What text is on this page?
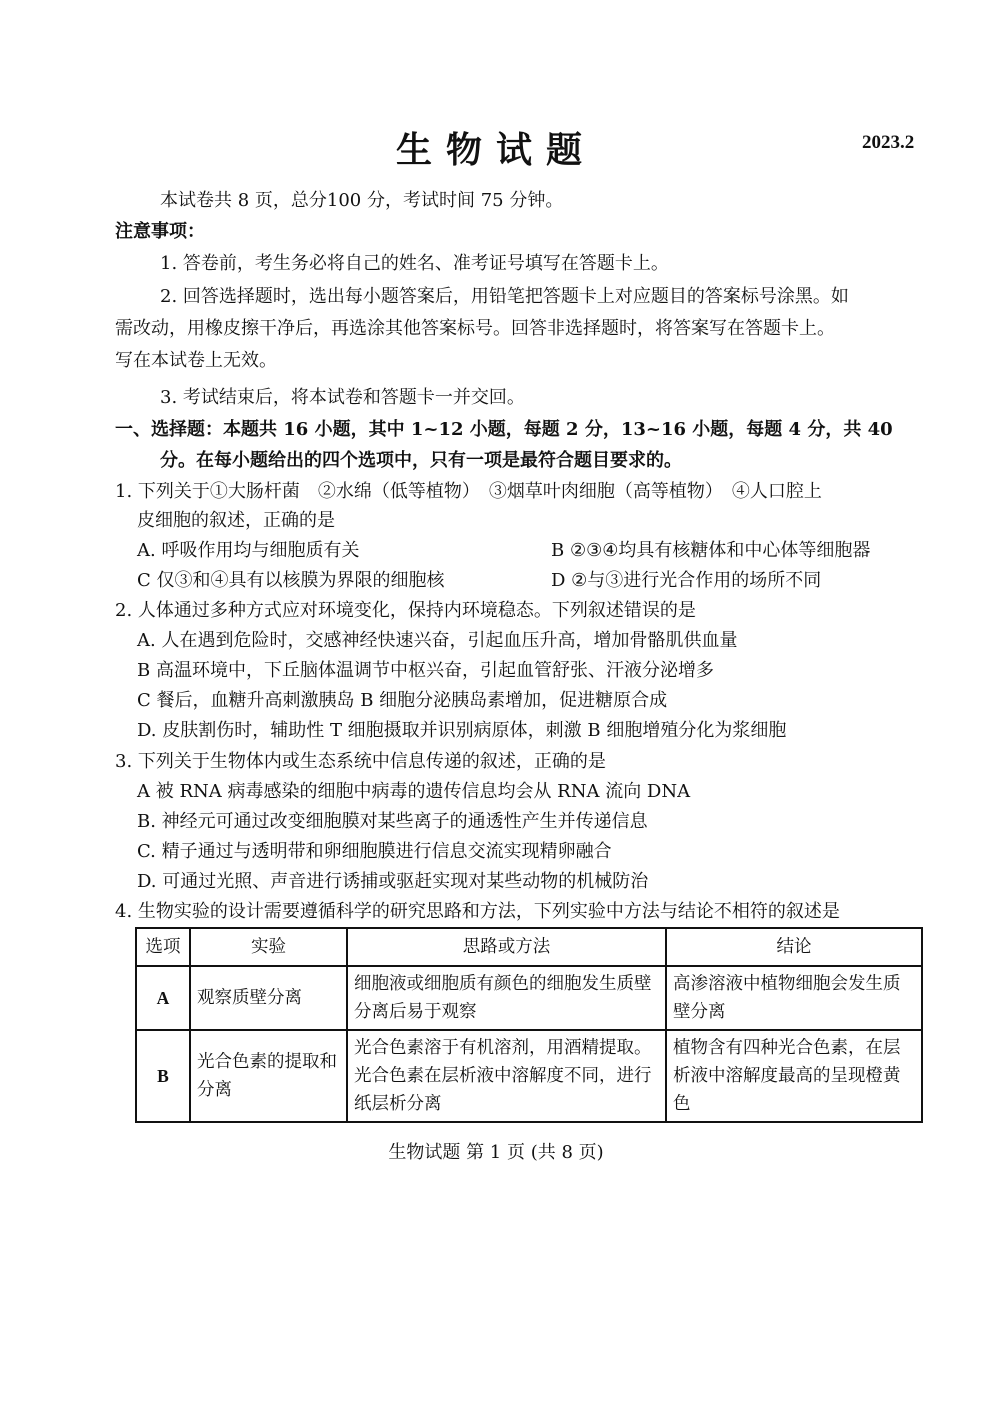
生物试题	2023.2
本试卷共 8 页，总分100 分，考试时间 75 分钟。
注意事项：
1. 答卷前，考生务必将自己的姓名、准考证号填写在答题卡上。
2. 回答选择题时，选出每小题答案后，用铅笔把答题卡上对应题目的答案标号涂黑。如
需改动，用橡皮擦干净后，再选涂其他答案标号。回答非选择题时，将答案写在答题卡上。
写在本试卷上无效。
3. 考试结束后，将本试卷和答题卡一并交回。
一、选择题：本题共 16 小题，其中 1~12 小题，每题 2 分，13~16 小题，每题 4 分，共 40
分。在每小题给出的四个选项中，只有一项是最符合题目要求的。
1. 下列关于①大肠杆菌　②水绵（低等植物）　③烟草叶肉细胞（高等植物）　④人口腔上
皮细胞的叙述，正确的是
A. 呼吸作用均与细胞质有关	B ②③④均具有核糖体和中心体等细胞器
C 仅③和④具有以核膜为界限的细胞核	D ②与③进行光合作用的场所不同
2. 人体通过多种方式应对环境变化，保持内环境稳态。下列叙述错误的是
A. 人在遇到危险时，交感神经快速兴奋，引起血压升高，增加骨骼肌供血量
B 高温环境中，下丘脑体温调节中枢兴奋，引起血管舒张、汗液分泌增多
C 餐后，血糖升高刺激胰岛 B 细胞分泌胰岛素增加，促进糖原合成
D. 皮肤割伤时，辅助性 T 细胞摄取并识别病原体，刺激 B 细胞增殖分化为浆细胞
3. 下列关于生物体内或生态系统中信息传递的叙述，正确的是
A 被 RNA 病毒感染的细胞中病毒的遗传信息均会从 RNA 流向 DNA
B. 神经元可通过改变细胞膜对某些离子的通透性产生并传递信息
C. 精子通过与透明带和卵细胞膜进行信息交流实现精卵融合
D. 可通过光照、声音进行诱捕或驱赶实现对某些动物的机械防治
4. 生物实验的设计需要遵循科学的研究思路和方法，下列实验中方法与结论不相符的叙述是
选项	实验	思路或方法	结论
A	观察质壁分离	细胞液或细胞质有颜色的细胞发生质壁分离后易于观察	高渗溶液中植物细胞会发生质壁分离
B	光合色素的提取和分离	光合色素溶于有机溶剂，用酒精提取。光合色素在层析液中溶解度不同，进行纸层析分离	植物含有四种光合色素，在层析液中溶解度最高的呈现橙黄色
生物试题 第 1 页 (共 8 页)
